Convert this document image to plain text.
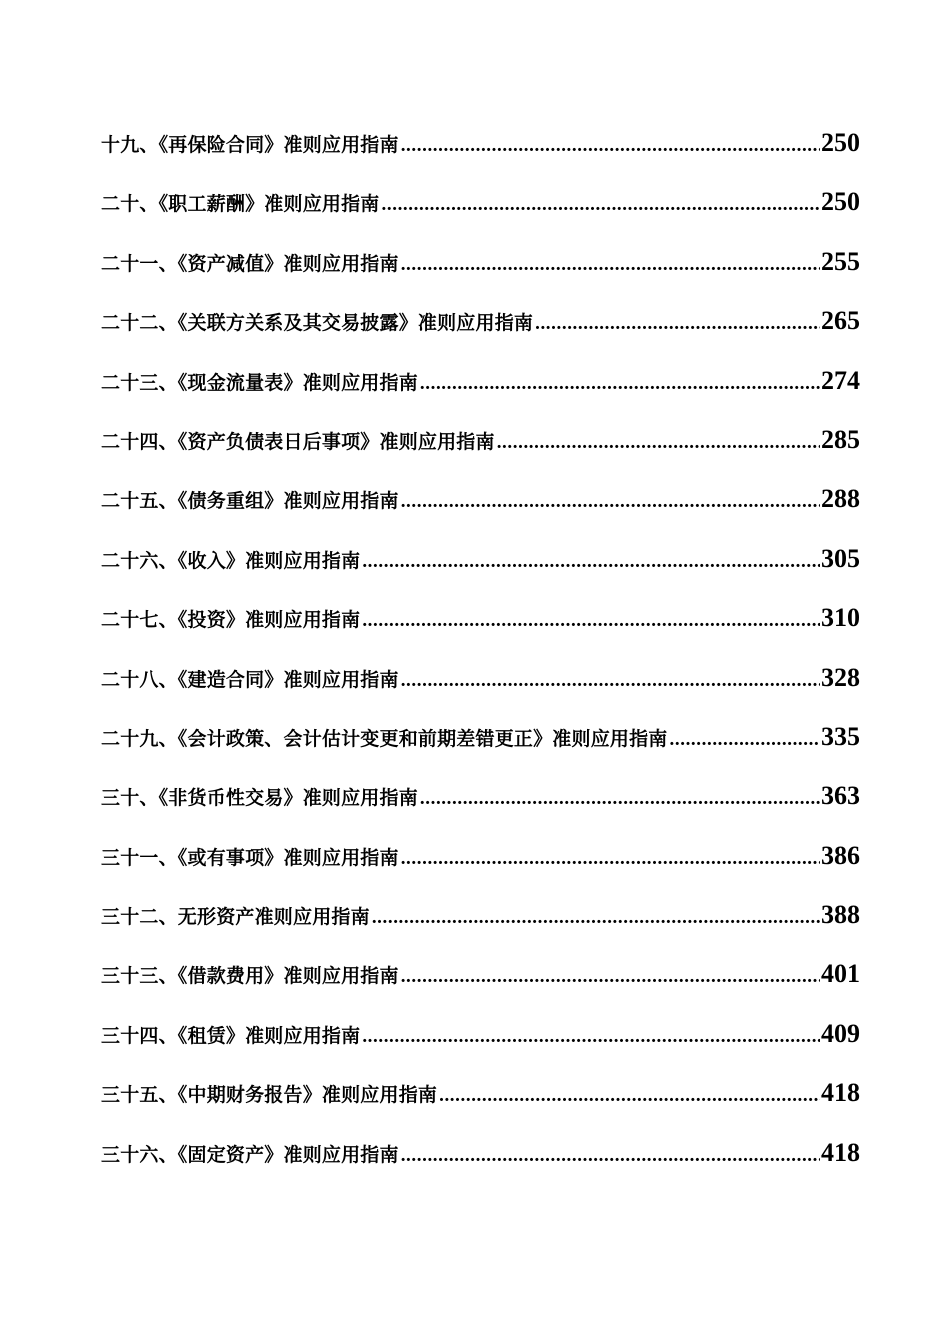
十九、《再保险合同》准则应用指南 .....	250
二十、《职工薪酬》准则应用指南 .....	250
二十一、《资产减值》准则应用指南 .....	255
二十二、《关联方关系及其交易披露》准则应用指南 .....	265
二十三、《现金流量表》准则应用指南 .....	274
二十四、《资产负债表日后事项》准则应用指南 .....	285
二十五、《债务重组》准则应用指南 .....	288
二十六、《收入》准则应用指南 .....	305
二十七、《投资》准则应用指南 .....	310
二十八、《建造合同》准则应用指南 .....	328
二十九、《会计政策、会计估计变更和前期差错更正》准则应用指南 .....	335
三十、《非货币性交易》准则应用指南 .....	363
三十一、《或有事项》准则应用指南 .....	386
三十二、无形资产准则应用指南 .....	388
三十三、《借款费用》准则应用指南 .....	401
三十四、《租赁》准则应用指南 .....	409
三十五、《中期财务报告》准则应用指南 .....	418
三十六、《固定资产》准则应用指南 .....	418
